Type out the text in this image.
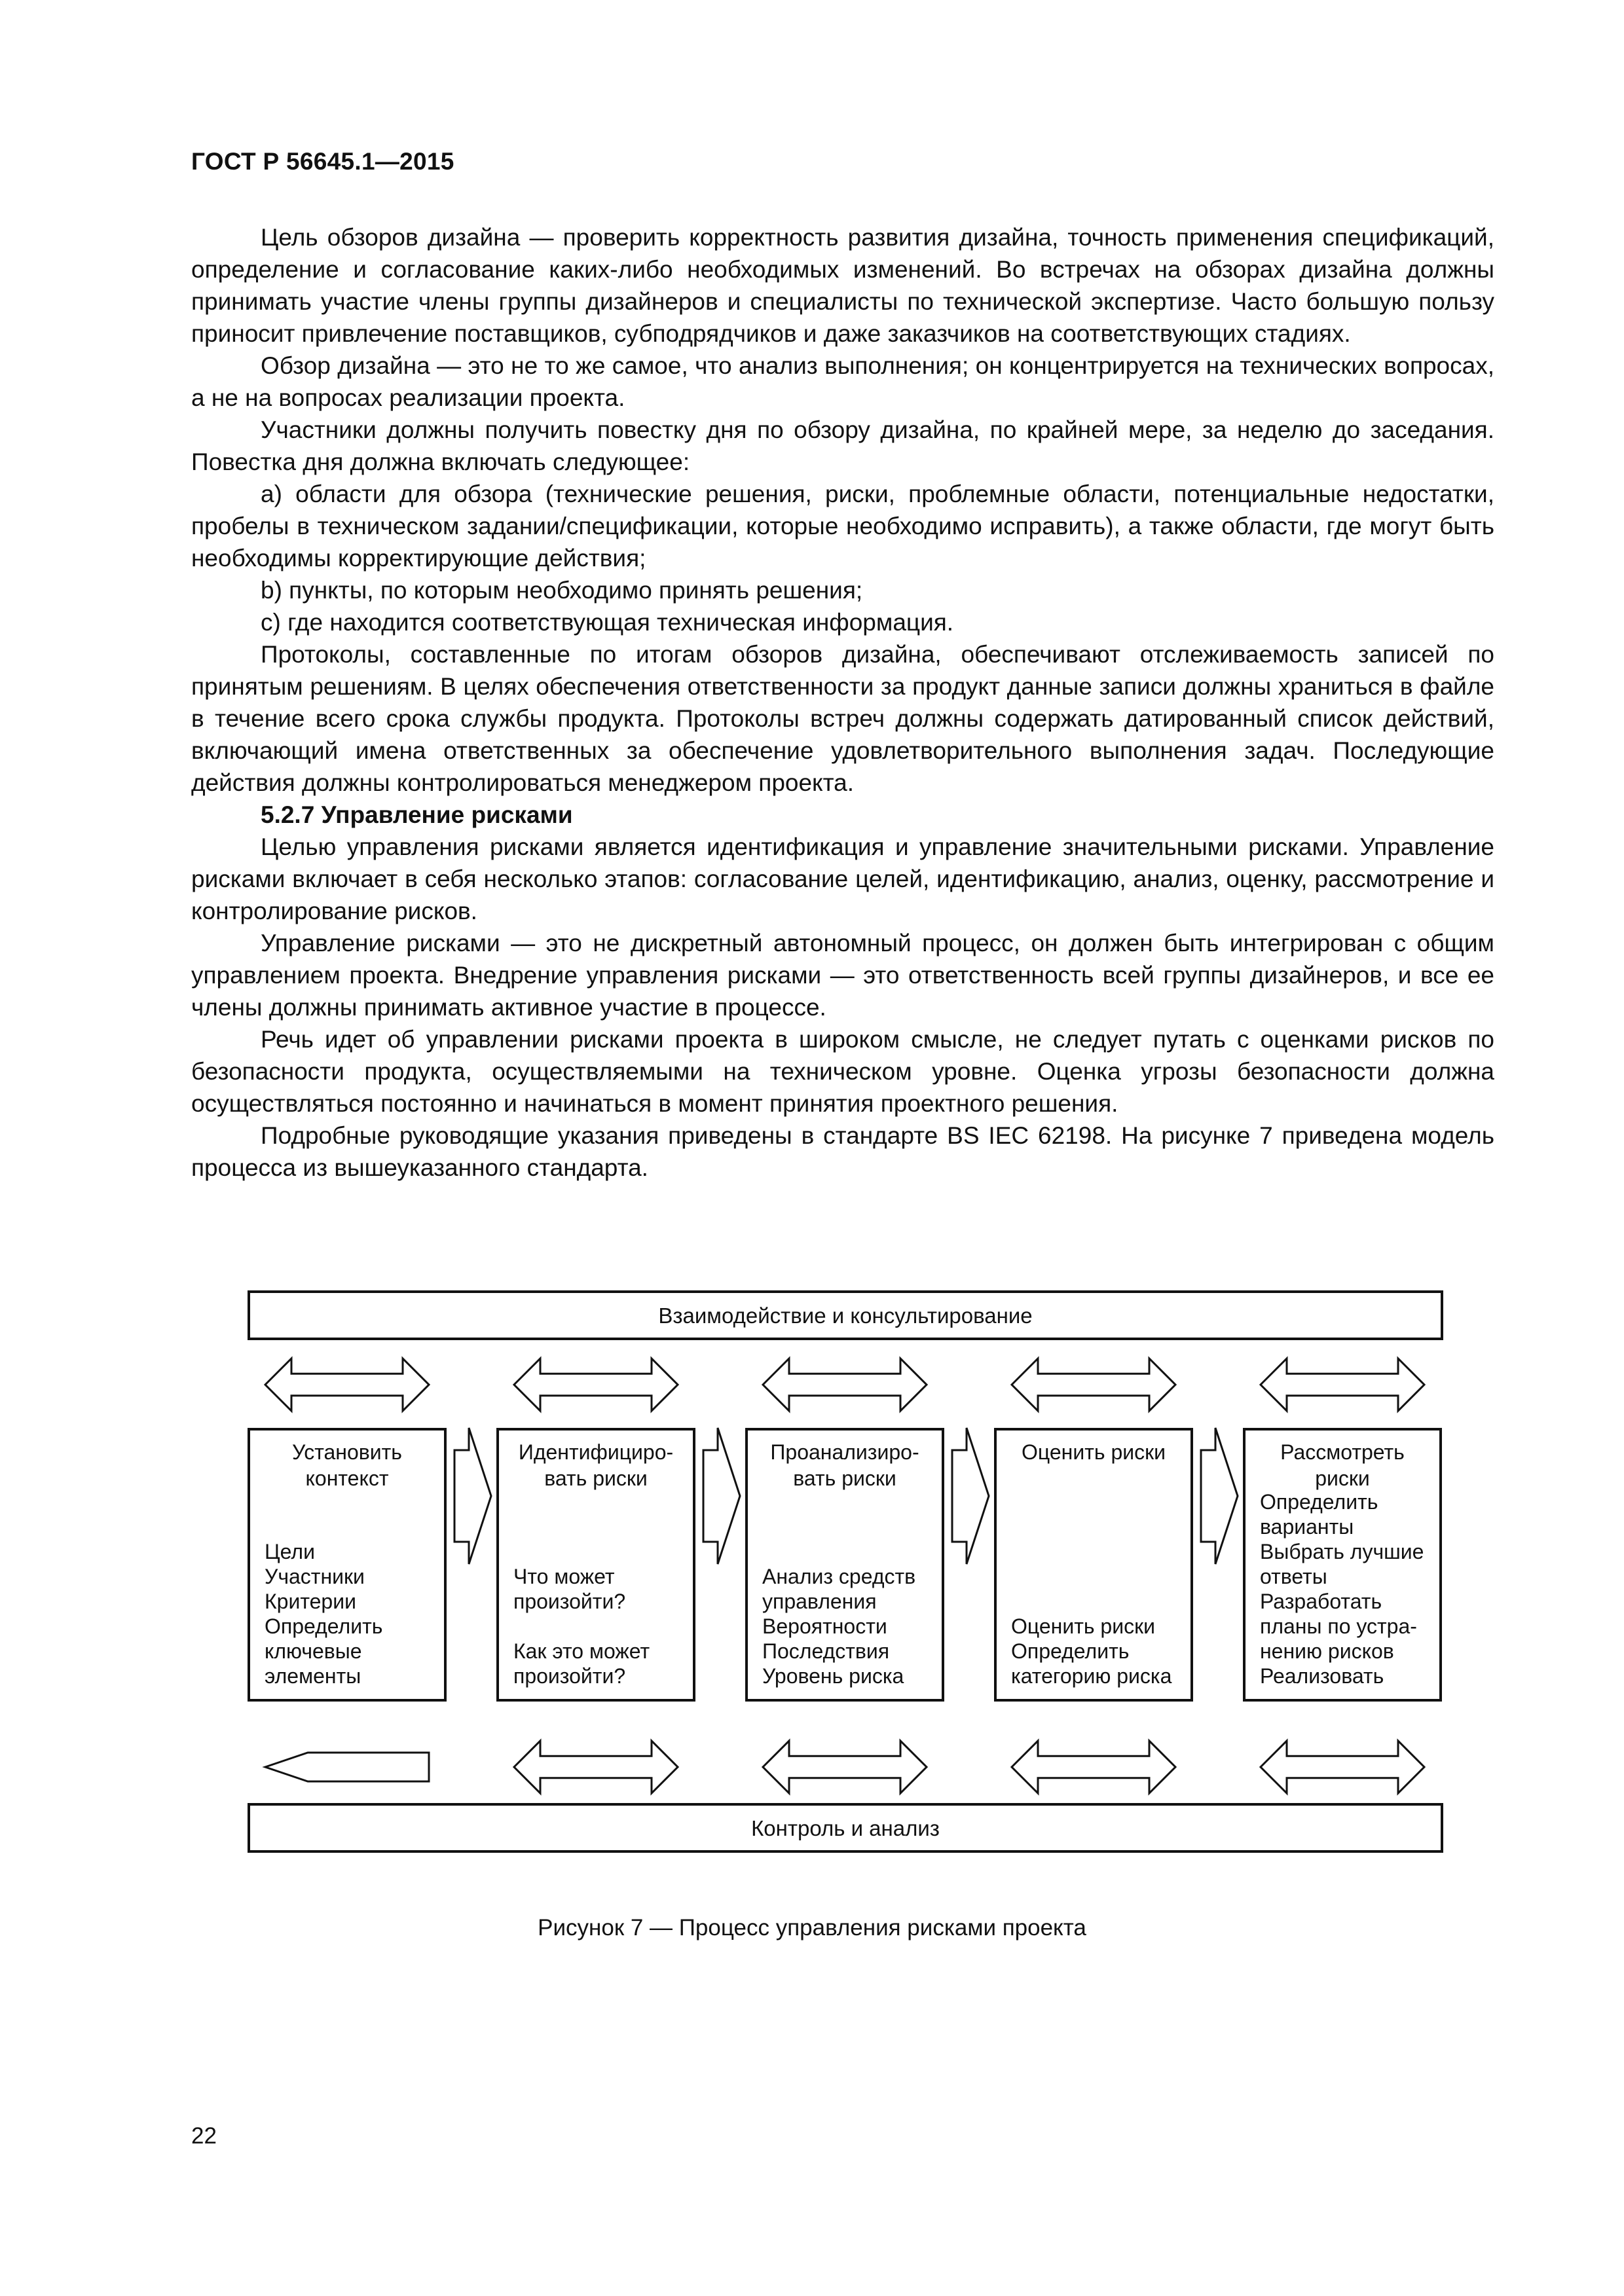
ГОСТ Р 56645.1—2015

Цель обзоров дизайна — проверить корректность развития дизайна, точность применения спецификаций, определение и согласование каких-либо необходимых изменений. Во встречах на обзорах дизайна должны принимать участие члены группы дизайнеров и специалисты по технической экспертизе. Часто большую пользу приносит привлечение поставщиков, субподрядчиков и даже заказчиков на соответствующих стадиях.

Обзор дизайна — это не то же самое, что анализ выполнения; он концентрируется на технических вопросах, а не на вопросах реализации проекта.

Участники должны получить повестку дня по обзору дизайна, по крайней мере, за неделю до заседания. Повестка дня должна включать следующее:

a) области для обзора (технические решения, риски, проблемные области, потенциальные недостатки, пробелы в техническом задании/спецификации, которые необходимо исправить), а также области, где могут быть необходимы корректирующие действия;

b) пункты, по которым необходимо принять решения;

c) где находится соответствующая техническая информация.

Протоколы, составленные по итогам обзоров дизайна, обеспечивают отслеживаемость записей по принятым решениям. В целях обеспечения ответственности за продукт данные записи должны храниться в файле в течение всего срока службы продукта. Протоколы встреч должны содержать датированный список действий, включающий имена ответственных за обеспечение удовлетворительного выполнения задач. Последующие действия должны контролироваться менеджером проекта.

5.2.7 Управление рисками

Целью управления рисками является идентификация и управление значительными рисками. Управление рисками включает в себя несколько этапов: согласование целей, идентификацию, анализ, оценку, рассмотрение и контролирование рисков.

Управление рисками — это не дискретный автономный процесс, он должен быть интегрирован с общим управлением проекта. Внедрение управления рисками — это ответственность всей группы дизайнеров, и все ее члены должны принимать активное участие в процессе.

Речь идет об управлении рисками проекта в широком смысле, не следует путать с оценками рисков по безопасности продукта, осуществляемыми на техническом уровне. Оценка угрозы безопасности должна осуществляться постоянно и начинаться в момент принятия проектного решения.

Подробные руководящие указания приведены в стандарте BS IEC 62198. На рисунке 7 приведена модель процесса из вышеуказанного стандарта.

Взаимодействие и консультирование
Контроль и анализ
Установить
контекст
Цели
Участники
Критерии
Определить
ключевые
элементы
Идентифициро-
вать риски
Что может
произойти?
Как это может
произойти?
Проанализиро-
вать риски
Анализ средств
управления
Вероятности
Последствия
Уровень риска
Оценить риски
Оценить риски
Определить
категорию риска
Рассмотреть
риски
Определить
варианты
Выбрать лучшие
ответы
Разработать
планы по устра-
нению рисков
Реализовать
Рисунок 7 — Процесс управления рисками проекта
22
